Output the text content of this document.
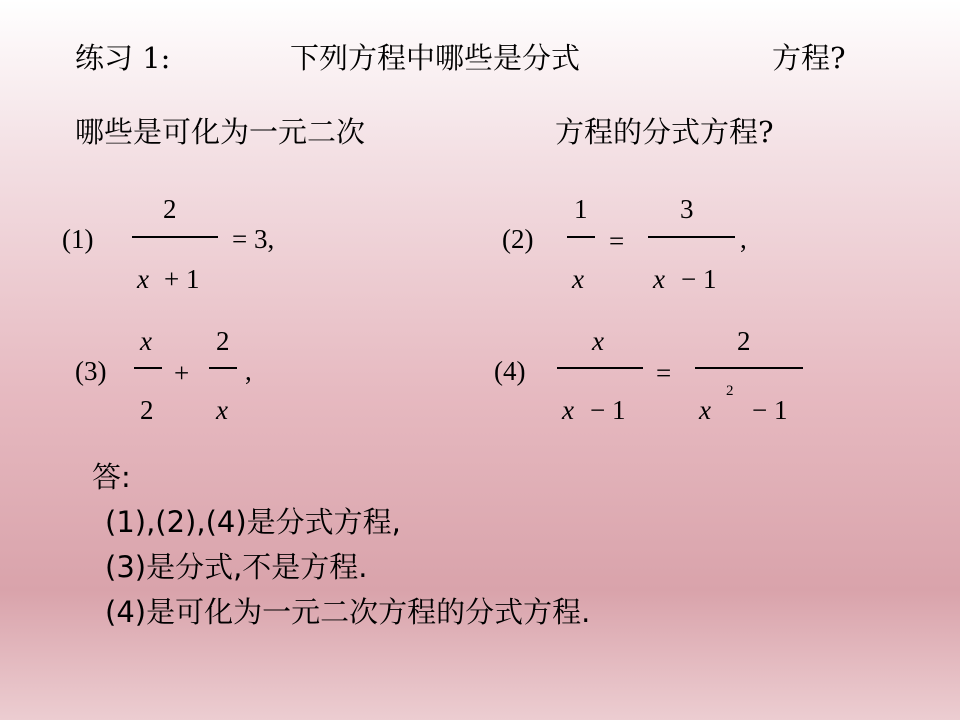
练习 1:	下列方程中哪些是分式	方程?
哪些是可化为一元二次	方程的分式方程?
(1)
2
x + 1
= 3,	(2)
1
x
=
3
x − 1
,
(3)
x
2
+
2
x
,	(4)
x
x − 1
=
2
x
2
− 1
答:
(1),(2),(4)是分式方程,
(3)是分式,不是方程.
(4)是可化为一元二次方程的分式方程.
